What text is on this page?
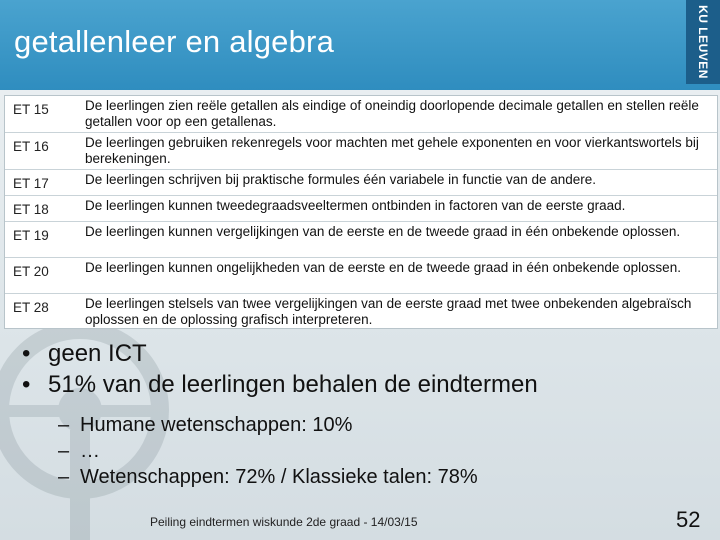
getallenleer en algebra	KU LEUVEN
ET 15	De leerlingen zien reële getallen als eindige of oneindig doorlopende decimale getallen en stellen reële getallen voor op een getallenas.
ET 16	De leerlingen gebruiken rekenregels voor machten met gehele exponenten en voor vierkantswortels bij berekeningen.
ET 17	De leerlingen schrijven bij praktische formules één variabele in functie van de andere.
ET 18	De leerlingen kunnen tweedegraadsveeltermen ontbinden in factoren van de eerste graad.
ET 19	De leerlingen kunnen vergelijkingen van de eerste en de tweede graad in één onbekende oplossen.
ET 20	De leerlingen kunnen ongelijkheden van de eerste en de tweede graad in één onbekende oplossen.
ET 28	De leerlingen stelsels van twee vergelijkingen van de eerste graad met twee onbekenden algebraïsch oplossen en de oplossing grafisch interpreteren.
• geen ICT
• 51% van de leerlingen behalen de eindtermen
– Humane wetenschappen: 10%
– …
– Wetenschappen: 72% / Klassieke talen: 78%
Peiling eindtermen wiskunde 2de graad - 14/03/15	52
